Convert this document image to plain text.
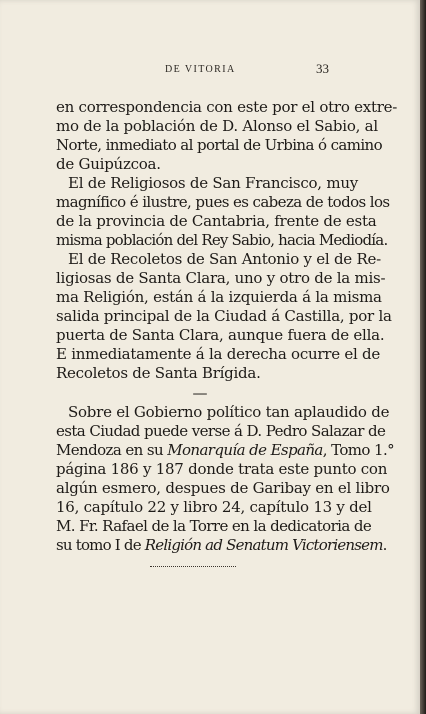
DE VITORIA	33
en correspondencia con este por el otro extre-
mo de la población de D. Alonso el Sabio, al
Norte, inmediato al portal de Urbina ó camino
de Guipúzcoa.
El de Religiosos de San Francisco, muy
magnífico é ilustre, pues es cabeza de todos los
de la provincia de Cantabria, frente de esta
misma población del Rey Sabio, hacia Mediodía.
El de Recoletos de San Antonio y el de Re-
ligiosas de Santa Clara, uno y otro de la mis-
ma Religión, están á la izquierda á la misma
salida principal de la Ciudad á Castilla, por la
puerta de Santa Clara, aunque fuera de ella.
E inmediatamente á la derecha ocurre el de
Recoletos de Santa Brígida.
—
Sobre el Gobierno político tan aplaudido de
esta Ciudad puede verse á D. Pedro Salazar de
Mendoza en su Monarquía de España, Tomo 1.°
página 186 y 187 donde trata este punto con
algún esmero, despues de Garibay en el libro
16, capítulo 22 y libro 24, capítulo 13 y del
M. Fr. Rafael de la Torre en la dedicatoria de
su tomo I de Religión ad Senatum Victoriensem.
